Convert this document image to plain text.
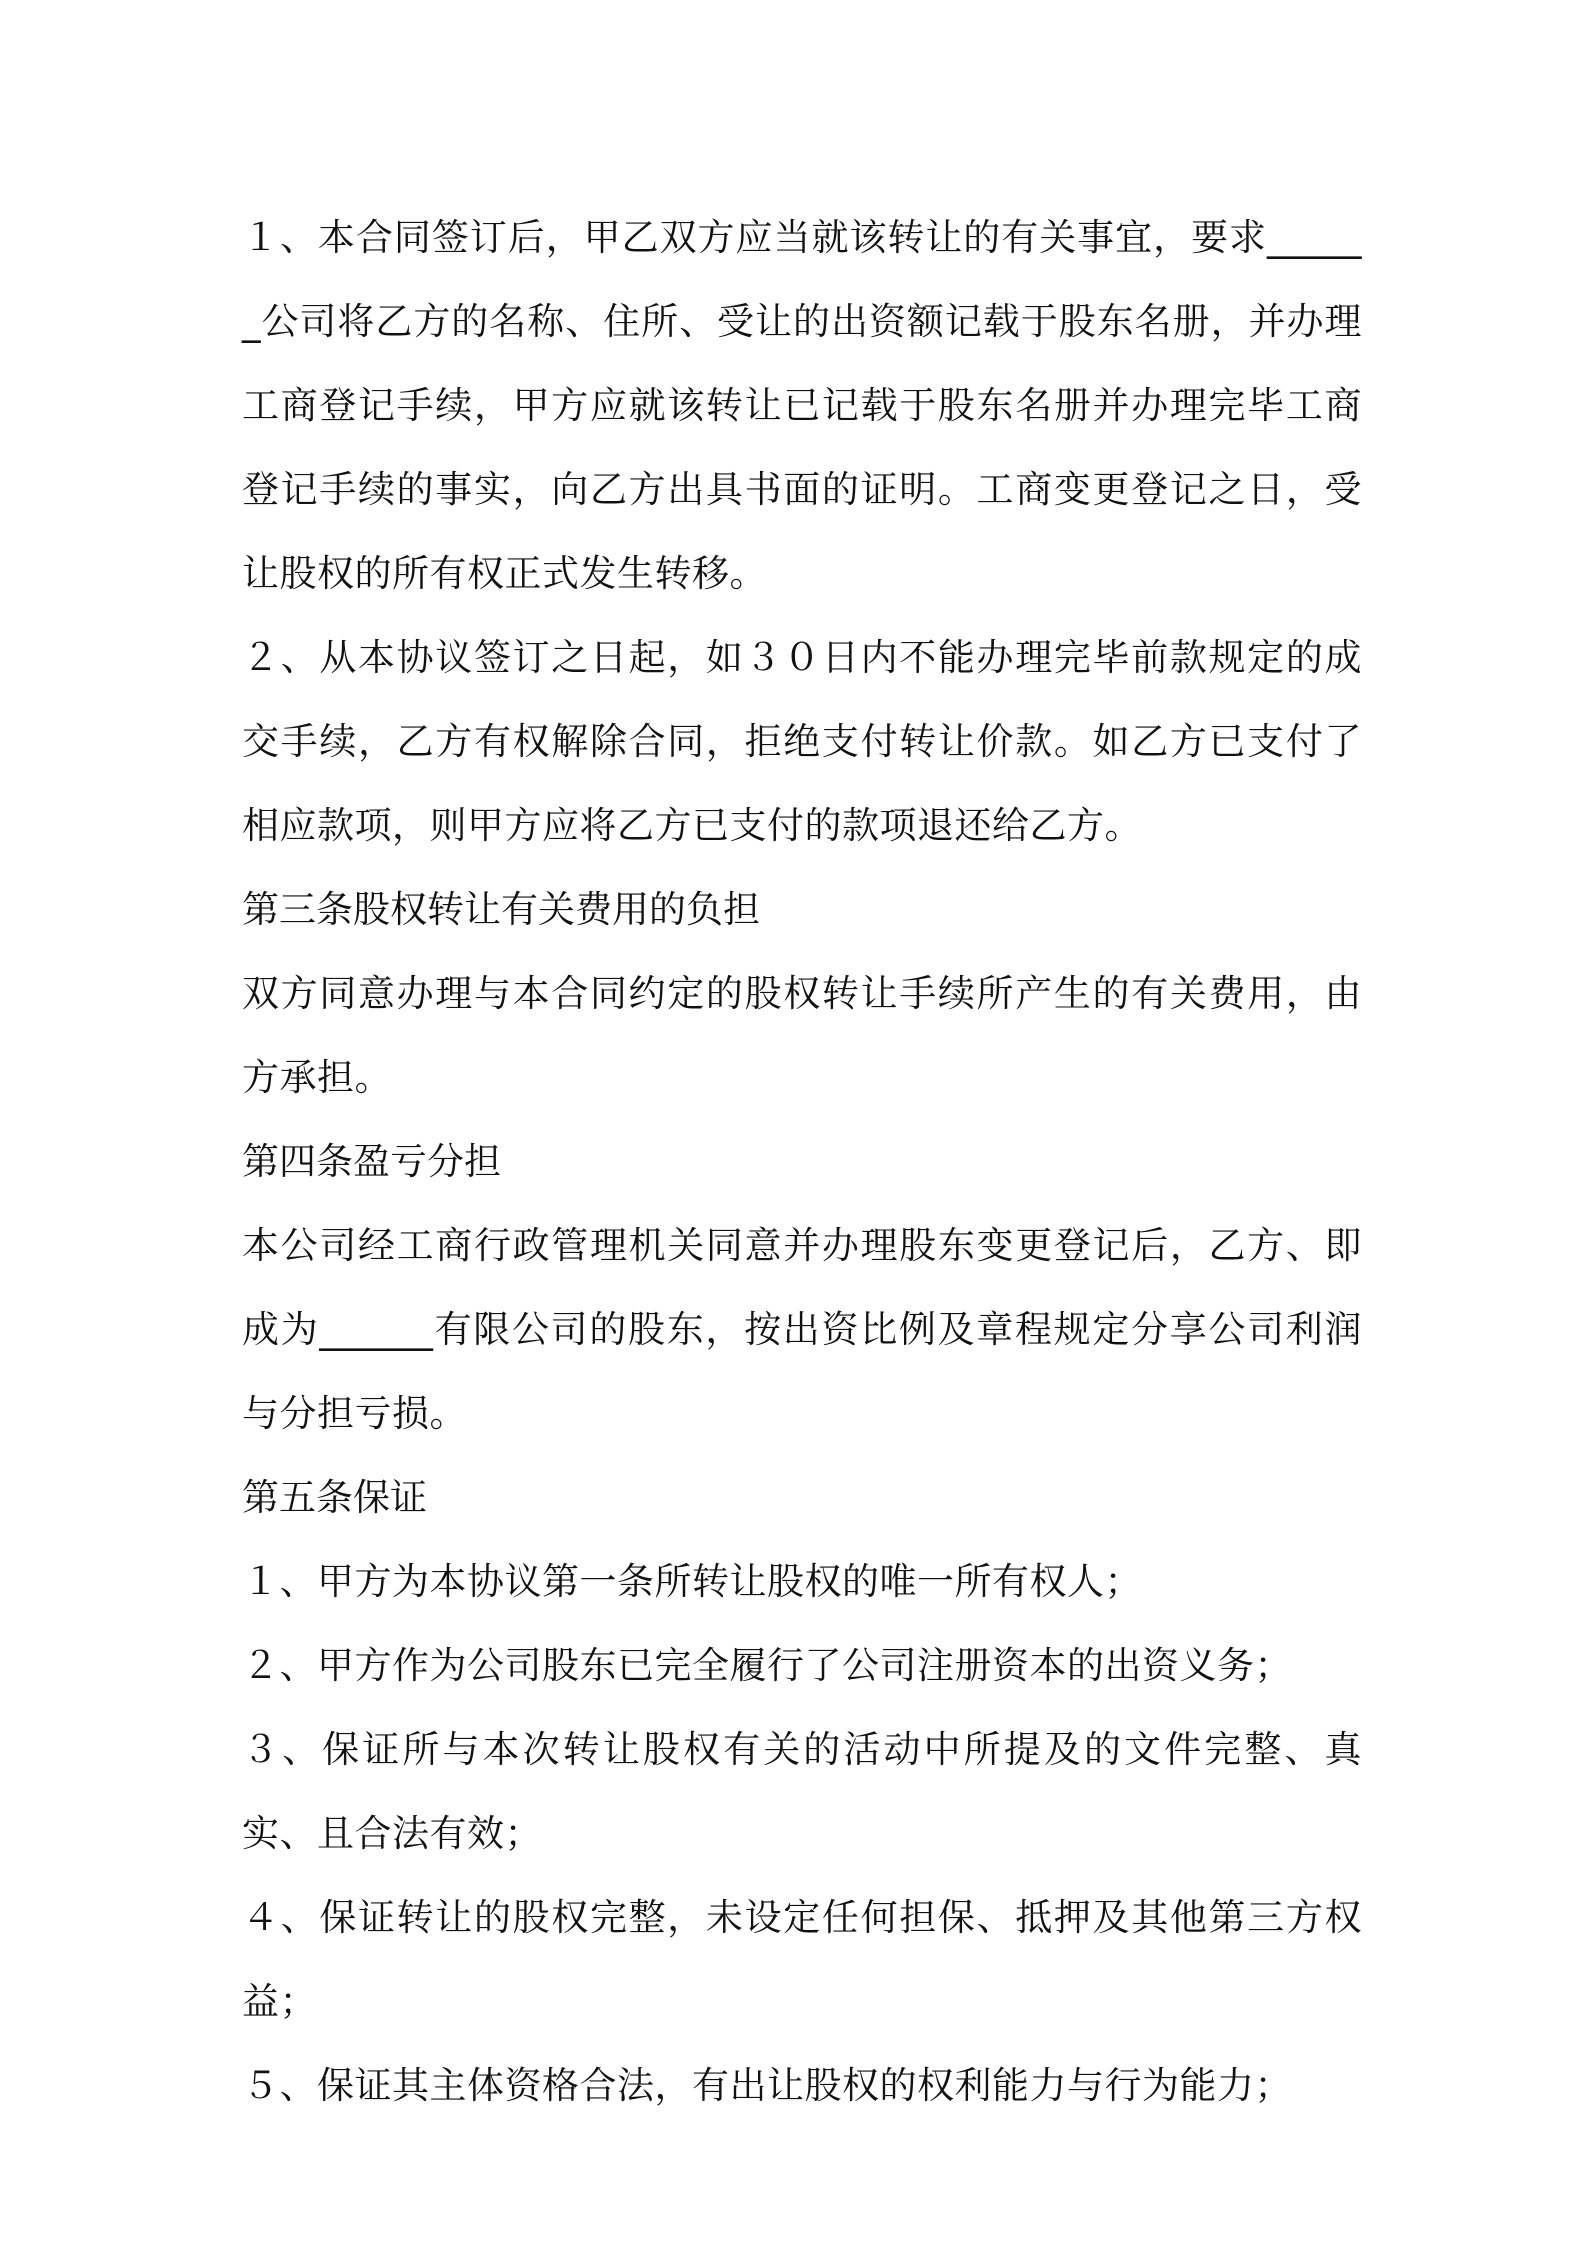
１、本合同签订后，甲乙双方应当就该转让的有关事宜，要求______公司将乙方的名称、住所、受让的出资额记载于股东名册，并办理工商登记手续，甲方应就该转让已记载于股东名册并办理完毕工商登记手续的事实，向乙方出具书面的证明。工商变更登记之日，受让股权的所有权正式发生转移。

２、从本协议签订之日起，如３０日内不能办理完毕前款规定的成交手续，乙方有权解除合同，拒绝支付转让价款。如乙方已支付了相应款项，则甲方应将乙方已支付的款项退还给乙方。

第三条股权转让有关费用的负担

双方同意办理与本合同约定的股权转让手续所产生的有关费用，由方承担。

第四条盈亏分担

本公司经工商行政管理机关同意并办理股东变更登记后，乙方、即成为______有限公司的股东，按出资比例及章程规定分享公司利润与分担亏损。

第五条保证

１、甲方为本协议第一条所转让股权的唯一所有权人；

２、甲方作为公司股东已完全履行了公司注册资本的出资义务；

３、保证所与本次转让股权有关的活动中所提及的文件完整、真实、且合法有效；

４、保证转让的股权完整，未设定任何担保、抵押及其他第三方权益；

５、保证其主体资格合法，有出让股权的权利能力与行为能力；
